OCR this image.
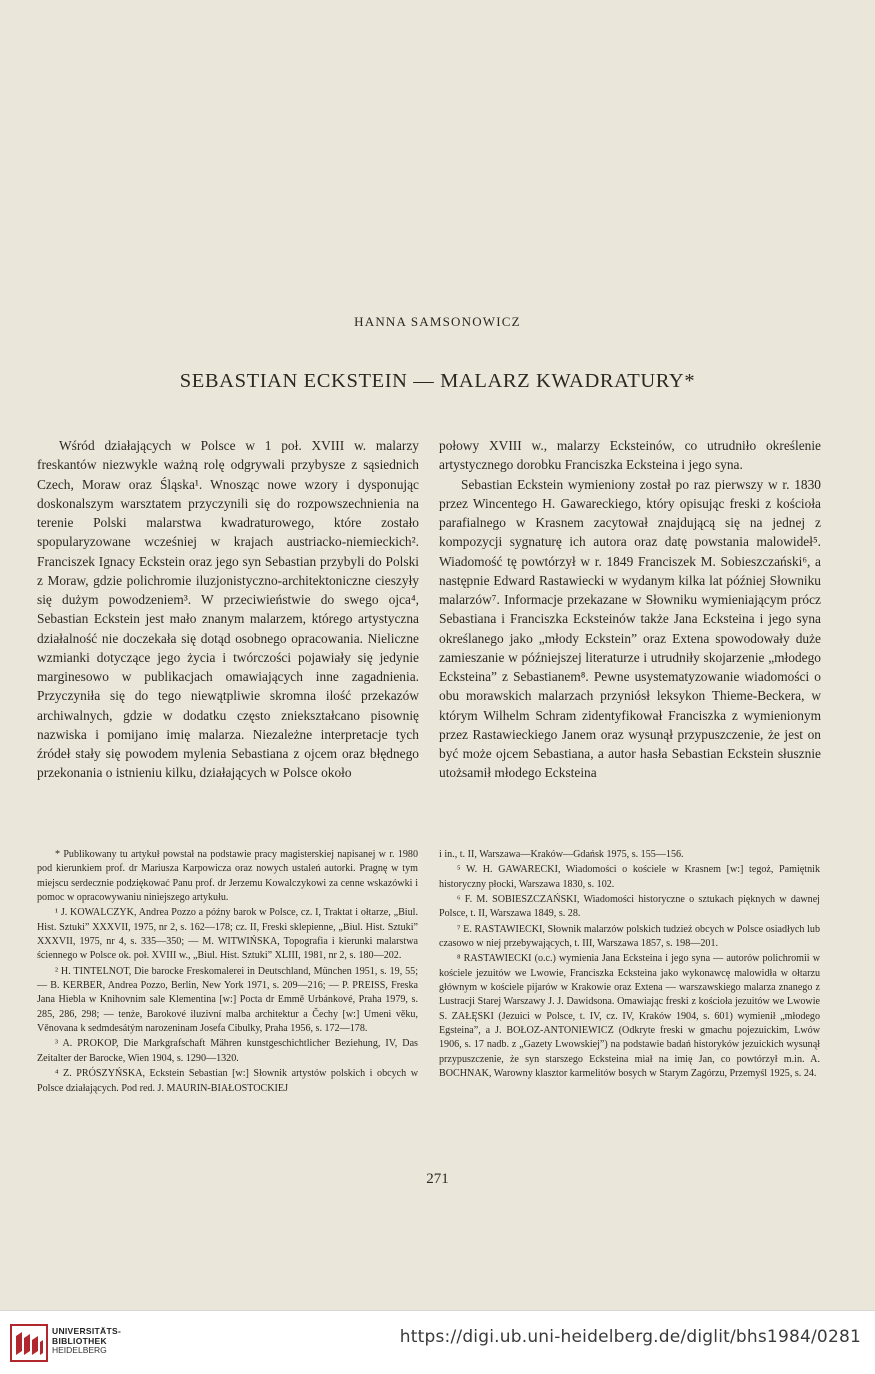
HANNA SAMSONOWICZ
SEBASTIAN ECKSTEIN — MALARZ KWADRATURY*

Wśród działających w Polsce w 1 poł. XVIII w. malarzy freskantów niezwykle ważną rolę odgrywali przybysze z sąsiednich Czech, Moraw oraz Śląska¹. Wnosząc nowe wzory i dysponując doskonalszym warsztatem przyczynili się do rozpowszechnienia na terenie Polski malarstwa kwadraturowego, które zostało spopularyzowane wcześniej w krajach austriacko-niemieckich². Franciszek Ignacy Eckstein oraz jego syn Sebastian przybyli do Polski z Moraw, gdzie polichromie iluzjonistyczno-architektoniczne cieszyły się dużym powodzeniem³. W przeciwieństwie do swego ojca⁴, Sebastian Eckstein jest mało znanym malarzem, którego artystyczna działalność nie doczekała się dotąd osobnego opracowania. Nieliczne wzmianki dotyczące jego życia i twórczości pojawiały się jedynie marginesowo w publikacjach omawiających inne zagadnienia. Przyczyniła się do tego niewątpliwie skromna ilość przekazów archiwalnych, gdzie w dodatku często zniekształcano pisownię nazwiska i pomijano imię malarza. Niezależne interpretacje tych źródeł stały się powodem mylenia Sebastiana z ojcem oraz błędnego przekonania o istnieniu kilku, działających w Polsce około

połowy XVIII w., malarzy Ecksteinów, co utrudniło określenie artystycznego dorobku Franciszka Ecksteina i jego syna.

Sebastian Eckstein wymieniony został po raz pierwszy w r. 1830 przez Wincentego H. Gawareckiego, który opisując freski z kościoła parafialnego w Krasnem zacytował znajdującą się na jednej z kompozycji sygnaturę ich autora oraz datę powstania malowideł⁵. Wiadomość tę powtórzył w r. 1849 Franciszek M. Sobieszczański⁶, a następnie Edward Rastawiecki w wydanym kilka lat później Słowniku malarzów⁷. Informacje przekazane w Słowniku wymieniającym prócz Sebastiana i Franciszka Ecksteinów także Jana Eckstеina i jego syna określanego jako „młody Eckstein” oraz Extena spowodowały duże zamieszanie w późniejszej literaturze i utrudniły skojarzenie „młodego Eckstеina” z Sebastianem⁸. Pewne usystematyzowanie wiadomości o obu morawskich malarzach przyniósł leksykon Thieme-Beckera, w którym Wilhelm Schram zidentyfikował Franciszka z wymienionym przez Rastawieckiego Janem oraz wysunął przypuszczenie, że jest on być może ojcem Sebastiana, a autor hasła Sebastian Eckstein słusznie utożsamił młodego Eckstеina

* Publikowany tu artykuł powstał na podstawie pracy magisterskiej napisanej w r. 1980 pod kierunkiem prof. dr Mariusza Karpowicza oraz nowych ustaleń autorki. Pragnę w tym miejscu serdecznie podziękować Panu prof. dr Jerzemu Kowalczykowi za cenne wskazówki i pomoc w opracowywaniu niniejszego artykułu.

¹ J. KOWALCZYK, Andrea Pozzo a późny barok w Polsce, cz. I, Traktat i ołtarze, „Biul. Hist. Sztuki” XXXVII, 1975, nr 2, s. 162—178; cz. II, Freski sklepienne, „Biul. Hist. Sztuki” XXXVII, 1975, nr 4, s. 335—350; — M. WITWIŃSKA, Topografia i kierunki malarstwa ściennego w Polsce ok. poł. XVIII w., „Biul. Hist. Sztuki” XLIII, 1981, nr 2, s. 180—202.

² H. TINTELNOT, Die barocke Freskomalerei in Deutschland, München 1951, s. 19, 55; — B. KERBER, Andrea Pozzo, Berlin, New York 1971, s. 209—216; — P. PREISS, Freska Jana Hiebla w Knihovnim sale Klementina [w:] Pocta dr Emmě Urbánkové, Praha 1979, s. 285, 286, 298; — tenże, Barokové iluzivní malba architektur a Čechy [w:] Umeni věku, Věnovana k sedmdesátým narozeninam Josefa Cibulky, Praha 1956, s. 172—178.

³ A. PROKOP, Die Markgrafschaft Mähren kunstgeschichtlicher Beziehung, IV, Das Zeitalter der Barocke, Wien 1904, s. 1290—1320.

⁴ Z. PRÓSZYŃSKA, Eckstein Sebastian [w:] Słownik artystów polskich i obcych w Polsce działających. Pod red. J. MAURIN-BIAŁOSTOCKIEJ

i in., t. II, Warszawa—Kraków—Gdańsk 1975, s. 155—156.

⁵ W. H. GAWARECKI, Wiadomości o kościele w Krasnem [w:] tegoż, Pamiętnik historyczny płocki, Warszawa 1830, s. 102.

⁶ F. M. SOBIESZCZAŃSKI, Wiadomości historyczne o sztukach pięknych w dawnej Polsce, t. II, Warszawa 1849, s. 28.

⁷ E. RASTAWIECKI, Słownik malarzów polskich tudzież obcych w Polsce osiadłych lub czasowo w niej przebywających, t. III, Warszawa 1857, s. 198—201.

⁸ RASTAWIECKI (o.c.) wymienia Jana Eckstеina i jego syna — autorów polichromii w kościele jezuitów we Lwowie, Franciszka Eckstеina jako wykonawcę malowidła w ołtarzu głównym w kościele pijarów w Krakowie oraz Extena — warszawskiego malarza znanego z Lustracji Starej Warszawy J. J. Dawidsona. Omawiając freski z kościoła jezuitów we Lwowie S. ZAŁĘSKI (Jezuici w Polsce, t. IV, cz. IV, Kraków 1904, s. 601) wymienił „młodego Egsteina”, a J. BOŁOZ-ANTONIEWICZ (Odkryte freski w gmachu pojezuickim, Lwów 1906, s. 17 nadb. z „Gazety Lwowskiej”) na podstawie badań historyków jezuickich wysunął przypuszczenie, że syn starszego Eckstеina miał na imię Jan, co powtórzył m.in. A. BOCHNAK, Warowny klasztor karmelitów bosych w Starym Zagórzu, Przemyśl 1925, s. 24.

271
UNIVERSITÄTS-
BIBLIOTHEK
HEIDELBERG
https://digi.ub.uni-heidelberg.de/diglit/bhs1984/0281
